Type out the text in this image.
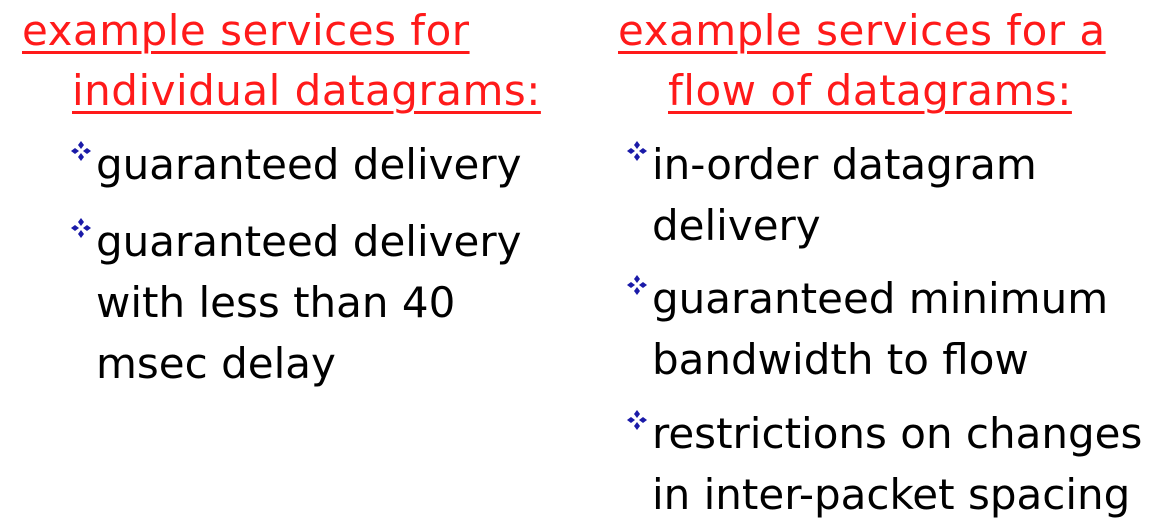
example services for
individual datagrams:
guaranteed delivery
guaranteed delivery
with less than 40
msec delay
example services for a
flow of datagrams:
in-order datagram
delivery
guaranteed minimum
bandwidth to flow
restrictions on changes
in inter-packet spacing
